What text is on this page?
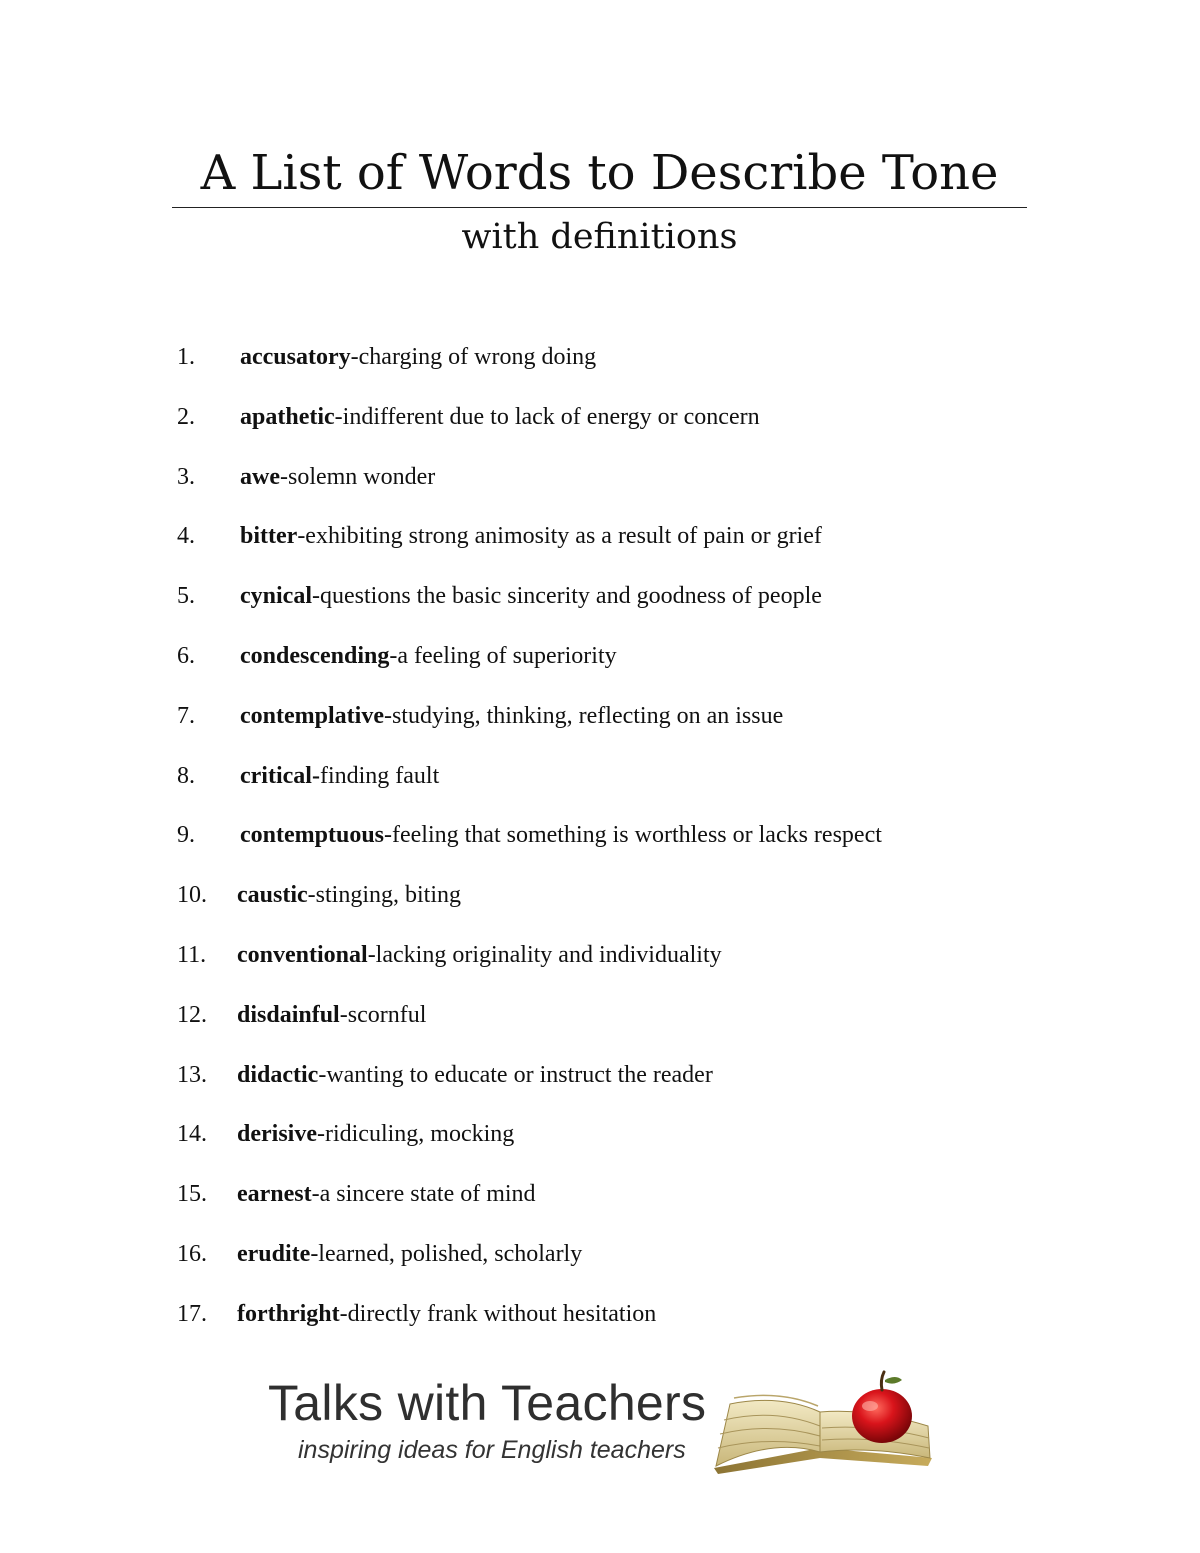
A List of Words to Describe Tone
with definitions
1. accusatory-charging of wrong doing
2. apathetic-indifferent due to lack of energy or concern
3. awe-solemn wonder
4. bitter-exhibiting strong animosity as a result of pain or grief
5. cynical-questions the basic sincerity and goodness of people
6. condescending-a feeling of superiority
7. contemplative-studying, thinking, reflecting on an issue
8. critical-finding fault
9. contemptuous-feeling that something is worthless or lacks respect
10. caustic-stinging, biting
11. conventional-lacking originality and individuality
12. disdainful-scornful
13. didactic-wanting to educate or instruct the reader
14. derisive-ridiculing, mocking
15. earnest-a sincere state of mind
16. erudite-learned, polished, scholarly
17. forthright-directly frank without hesitation
Talks with Teachers
inspiring ideas for English teachers
